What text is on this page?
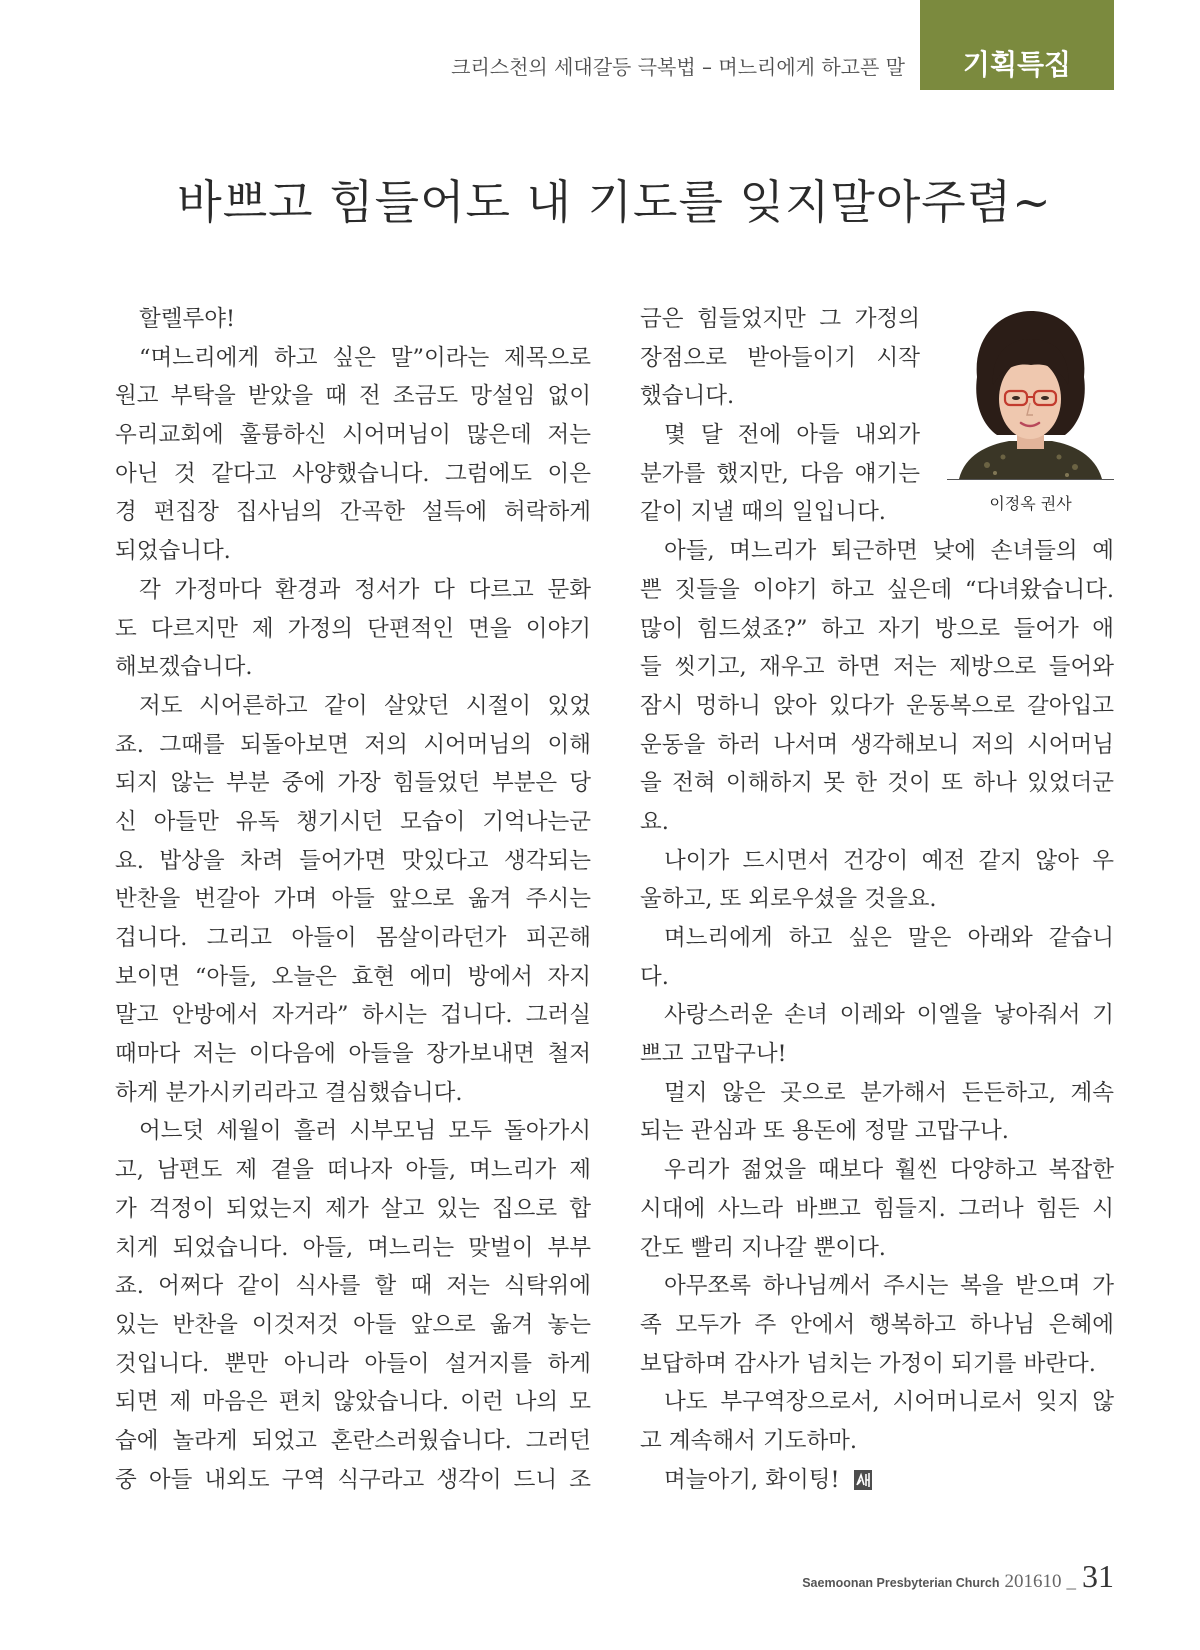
크리스천의 세대갈등 극복법 – 며느리에게 하고픈 말	기획특집
바쁘고 힘들어도 내 기도를 잊지말아주렴~
할렐루야!
“며느리에게 하고 싶은 말”이라는 제목으로
원고 부탁을 받았을 때 전 조금도 망설임 없이
우리교회에 훌륭하신 시어머님이 많은데 저는
아닌 것 같다고 사양했습니다. 그럼에도 이은
경 편집장 집사님의 간곡한 설득에 허락하게
되었습니다.
각 가정마다 환경과 정서가 다 다르고 문화
도 다르지만 제 가정의 단편적인 면을 이야기
해보겠습니다.
저도 시어른하고 같이 살았던 시절이 있었
죠. 그때를 되돌아보면 저의 시어머님의 이해
되지 않는 부분 중에 가장 힘들었던 부분은 당
신 아들만 유독 챙기시던 모습이 기억나는군
요. 밥상을 차려 들어가면 맛있다고 생각되는
반찬을 번갈아 가며 아들 앞으로 옮겨 주시는
겁니다. 그리고 아들이 몸살이라던가 피곤해
보이면 “아들, 오늘은 효현 에미 방에서 자지
말고 안방에서 자거라” 하시는 겁니다. 그러실
때마다 저는 이다음에 아들을 장가보내면 철저
하게 분가시키리라고 결심했습니다.
어느덧 세월이 흘러 시부모님 모두 돌아가시
고, 남편도 제 곁을 떠나자 아들, 며느리가 제
가 걱정이 되었는지 제가 살고 있는 집으로 합
치게 되었습니다. 아들, 며느리는 맞벌이 부부
죠. 어쩌다 같이 식사를 할 때 저는 식탁위에
있는 반찬을 이것저것 아들 앞으로 옮겨 놓는
것입니다. 뿐만 아니라 아들이 설거지를 하게
되면 제 마음은 편치 않았습니다. 이런 나의 모
습에 놀라게 되었고 혼란스러웠습니다. 그러던
중 아들 내외도 구역 식구라고 생각이 드니 조
이정옥 권사
금은 힘들었지만 그 가정의
장점으로 받아들이기 시작
했습니다.
몇 달 전에 아들 내외가
분가를 했지만, 다음 얘기는
같이 지낼 때의 일입니다.
아들, 며느리가 퇴근하면 낮에 손녀들의 예
쁜 짓들을 이야기 하고 싶은데 “다녀왔습니다.
많이 힘드셨죠?” 하고 자기 방으로 들어가 애
들 씻기고, 재우고 하면 저는 제방으로 들어와
잠시 멍하니 앉아 있다가 운동복으로 갈아입고
운동을 하러 나서며 생각해보니 저의 시어머님
을 전혀 이해하지 못 한 것이 또 하나 있었더군
요.
나이가 드시면서 건강이 예전 같지 않아 우
울하고, 또 외로우셨을 것을요.
며느리에게 하고 싶은 말은 아래와 같습니
다.
사랑스러운 손녀 이레와 이엘을 낳아줘서 기
쁘고 고맙구나!
멀지 않은 곳으로 분가해서 든든하고, 계속
되는 관심과 또 용돈에 정말 고맙구나.
우리가 젊었을 때보다 훨씬 다양하고 복잡한
시대에 사느라 바쁘고 힘들지. 그러나 힘든 시
간도 빨리 지나갈 뿐이다.
아무쪼록 하나님께서 주시는 복을 받으며 가
족 모두가 주 안에서 행복하고 하나님 은혜에
보답하며 감사가 넘치는 가정이 되기를 바란다.
나도 부구역장으로서, 시어머니로서 잊지 않
고 계속해서 기도하마.
며늘아기, 화이팅!
Saemoonan Presbyterian Church 201610 _ 31
